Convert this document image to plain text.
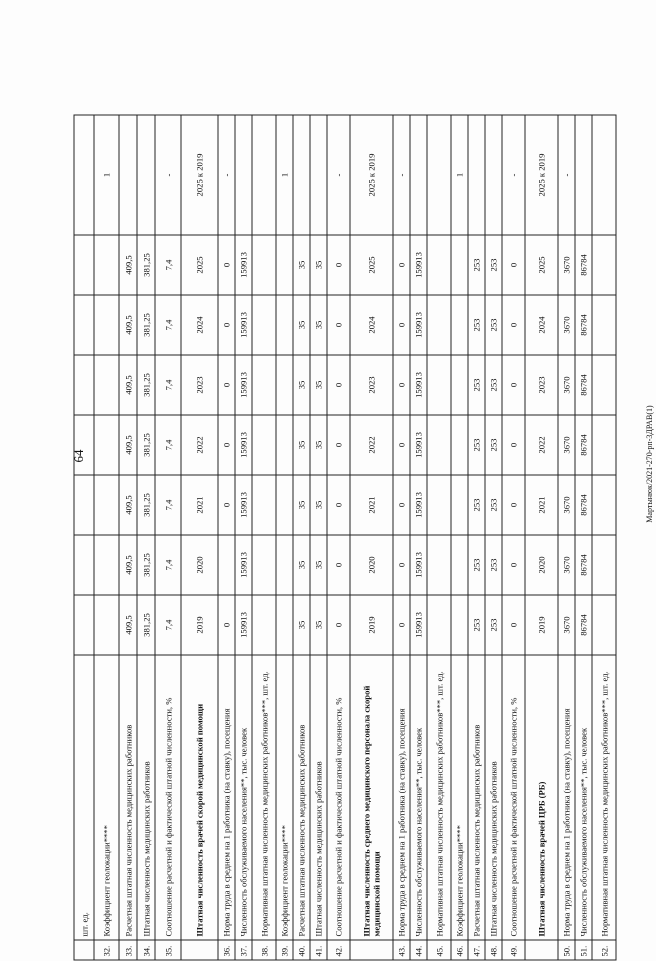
64	Мартынюк/2021-270-рп-3ДРАВ(1)
	шт. ед.								
32.	Коэффициент геолокации****								1
33.	Расчетная штатная численность медицинских работников	409,5	409,5	409,5	409,5	409,5	409,5	409,5	
34.	Штатная численность медицинских работников	381,25	381,25	381,25	381,25	381,25	381,25	381,25	
35.	Соотношение расчетной и фактической штатной численности, %	7,4	7,4	7,4	7,4	7,4	7,4	7,4	-
	Штатная численность врачей скорой медицинской помощи	2019	2020	2021	2022	2023	2024	2025	2025 к 2019
36.	Норма труда в среднем на 1 работника (на ставку), посещения	0		0	0	0	0	0	-
37.	Численность обслуживаемого населения**, тыс. человек	159913	159913	159913	159913	159913	159913	159913	
38.	Нормативная штатная численность медицинских работников***, шт. ед.								
39.	Коэффициент геолокации****								1
40.	Расчетная штатная численность медицинских работников	35	35	35	35	35	35	35	
41.	Штатная численность медицинских работников	35	35	35	35	35	35	35	
42.	Соотношение расчетной и фактической штатной численности, %	0	0	0	0	0	0	0	-
	Штатная численность среднего медицинского персонала скорой медицинской помощи	2019	2020	2021	2022	2023	2024	2025	2025 к 2019
43.	Норма труда в среднем на 1 работника (на ставку), посещения	0	0	0	0	0	0	0	-
44.	Численность обслуживаемого населения**, тыс. человек	159913	159913	159913	159913	159913	159913	159913	
45.	Нормативная штатная численность медицинских работников***, шт. ед.								
46.	Коэффициент геолокации****								1
47.	Расчетная штатная численность медицинских работников	253	253	253	253	253	253	253	
48.	Штатная численность медицинских работников	253	253	253	253	253	253	253	
49.	Соотношение расчетной и фактической штатной численности, %	0	0	0	0	0	0	0	-
	Штатная численность врачей ЦРБ (РБ)	2019	2020	2021	2022	2023	2024	2025	2025 к 2019
50.	Норма труда в среднем на 1 работника (на ставку), посещения	3670	3670	3670	3670	3670	3670	3670	-
51.	Численность обслуживаемого населения**, тыс. человек	86784	86784	86784	86784	86784	86784	86784	
52.	Нормативная штатная численность медицинских работников***, шт. ед.								
